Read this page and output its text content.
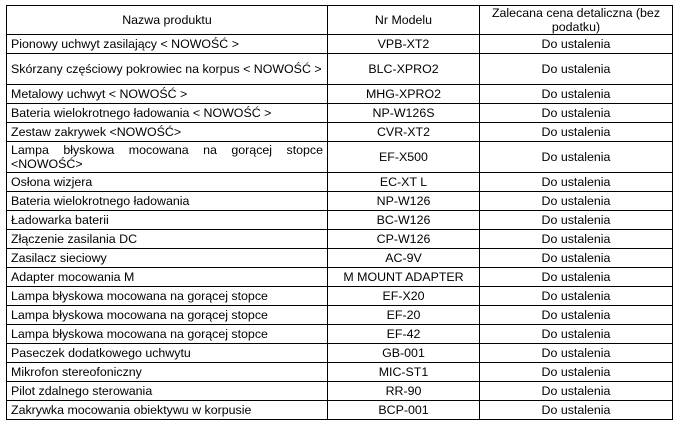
Nazwa produktu	Nr Modelu	Zalecana cena detaliczna (bez podatku)
Pionowy uchwyt zasilający < NOWOŚĆ >	VPB-XT2	Do ustalenia
Skórzany częściowy pokrowiec na korpus < NOWOŚĆ >	BLC-XPRO2	Do ustalenia
Metalowy uchwyt < NOWOŚĆ >	MHG-XPRO2	Do ustalenia
Bateria wielokrotnego ładowania < NOWOŚĆ >	NP-W126S	Do ustalenia
Zestaw zakrywek <NOWOŚĆ>	CVR-XT2	Do ustalenia
Lampa błyskowa mocowana na gorącej stopce <NOWOŚĆ>	EF-X500	Do ustalenia
Osłona wizjera	EC-XT L	Do ustalenia
Bateria wielokrotnego ładowania	NP-W126	Do ustalenia
Ładowarka baterii	BC-W126	Do ustalenia
Złączenie zasilania DC	CP-W126	Do ustalenia
Zasilacz sieciowy	AC-9V	Do ustalenia
Adapter mocowania M	M MOUNT ADAPTER	Do ustalenia
Lampa błyskowa mocowana na gorącej stopce	EF-X20	Do ustalenia
Lampa błyskowa mocowana na gorącej stopce	EF-20	Do ustalenia
Lampa błyskowa mocowana na gorącej stopce	EF-42	Do ustalenia
Paseczek dodatkowego uchwytu	GB-001	Do ustalenia
Mikrofon stereofoniczny	MIC-ST1	Do ustalenia
Pilot zdalnego sterowania	RR-90	Do ustalenia
Zakrywka mocowania obiektywu w korpusie	BCP-001	Do ustalenia
